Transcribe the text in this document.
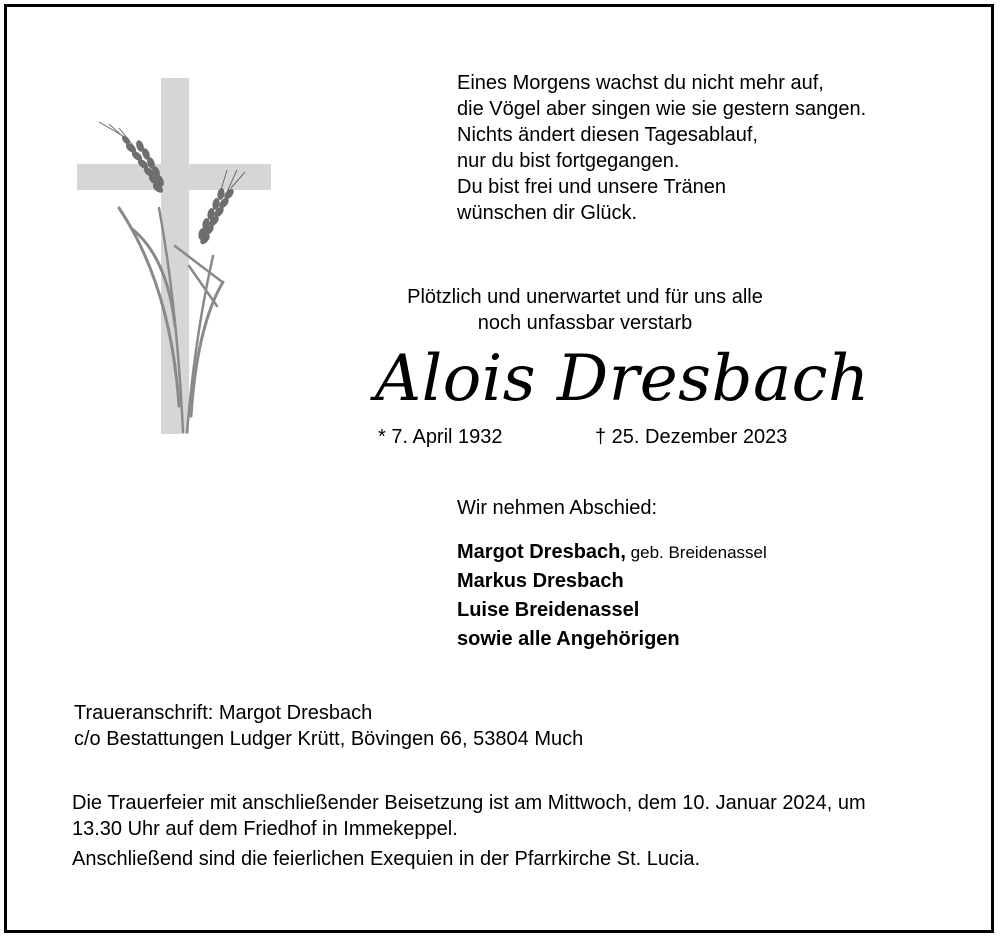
Eines Morgens wachst du nicht mehr auf,
die Vögel aber singen wie sie gestern sangen.
Nichts ändert diesen Tagesablauf,
nur du bist fortgegangen.
Du bist frei und unsere Tränen
wünschen dir Glück.
Plötzlich und unerwartet und für uns alle
noch unfassbar verstarb
Alois Dresbach
* 7. April 1932	† 25. Dezember 2023
Wir nehmen Abschied:
Margot Dresbach, geb. Breidenassel
Markus Dresbach
Luise Breidenassel
sowie alle Angehörigen
Traueranschrift: Margot Dresbach
c/o Bestattungen Ludger Krütt, Bövingen 66, 53804 Much
Die Trauerfeier mit anschließender Beisetzung ist am Mittwoch, dem 10. Januar 2024, um
13.30 Uhr auf dem Friedhof in Immekeppel.
Anschließend sind die feierlichen Exequien in der Pfarrkirche St. Lucia.
